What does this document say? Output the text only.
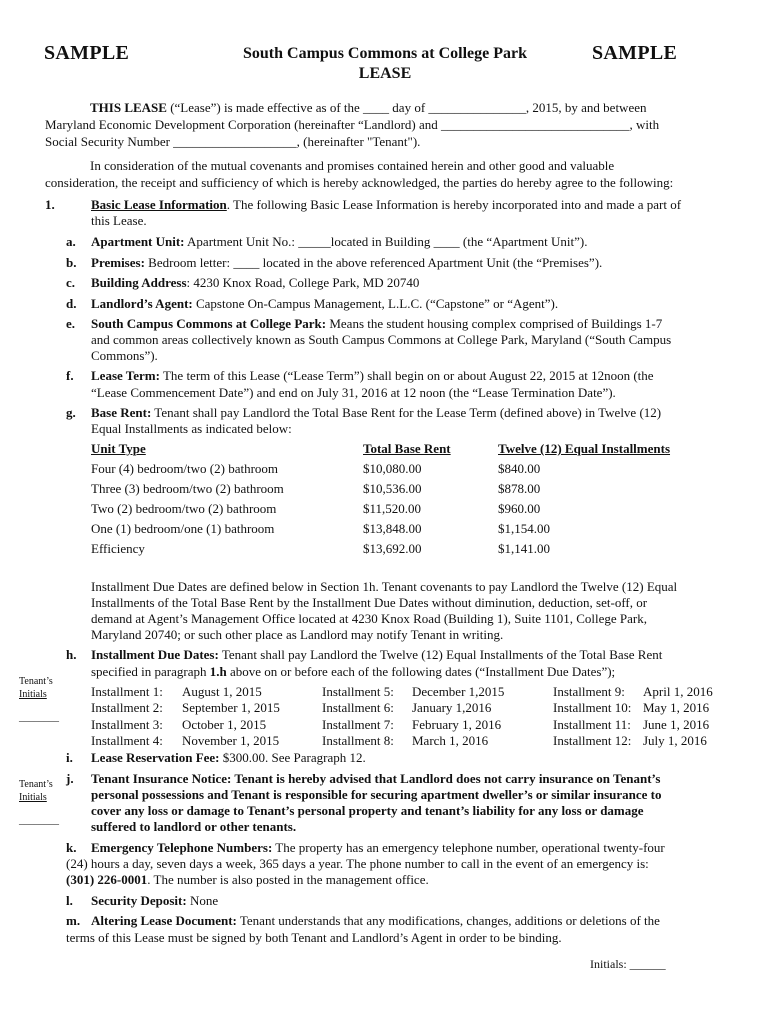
SAMPLE	SAMPLE
South Campus Commons at College Park
LEASE
THIS LEASE (“Lease”) is made effective as of the ____ day of _______________, 2015, by and between
Maryland Economic Development Corporation (hereinafter “Landlord) and _____________________________, with
Social Security Number ___________________, (hereinafter "Tenant").
In consideration of the mutual covenants and promises contained herein and other good and valuable
consideration, the receipt and sufficiency of which is hereby acknowledged, the parties do hereby agree to the following:
1.	Basic Lease Information. The following Basic Lease Information is hereby incorporated into and made a part of
this Lease.
a. Apartment Unit: Apartment Unit No.: _____located in Building ____ (the “Apartment Unit”).
b. Premises: Bedroom letter: ____ located in the above referenced Apartment Unit (the “Premises”).
c. Building Address: 4230 Knox Road, College Park, MD 20740
d. Landlord’s Agent: Capstone On-Campus Management, L.L.C. (“Capstone” or “Agent”).
e. South Campus Commons at College Park: Means the student housing complex comprised of Buildings 1-7
and common areas collectively known as South Campus Commons at College Park, Maryland (“South Campus
Commons”).
f. Lease Term: The term of this Lease (“Lease Term”) shall begin on or about August 22, 2015 at 12noon (the
“Lease Commencement Date”) and end on July 31, 2016 at 12 noon (the “Lease Termination Date”).
g. Base Rent: Tenant shall pay Landlord the Total Base Rent for the Lease Term (defined above) in Twelve (12)
Equal Installments as indicated below:
Unit Type	Total Base Rent	Twelve (12) Equal Installments
Four (4) bedroom/two (2) bathroom	$10,080.00	$840.00
Three (3) bedroom/two (2) bathroom	$10,536.00	$878.00
Two (2) bedroom/two (2) bathroom	$11,520.00	$960.00
One (1) bedroom/one (1) bathroom	$13,848.00	$1,154.00
Efficiency	$13,692.00	$1,141.00
Installment Due Dates are defined below in Section 1h. Tenant covenants to pay Landlord the Twelve (12) Equal
Installments of the Total Base Rent by the Installment Due Dates without diminution, deduction, set-off, or
demand at Agent’s Management Office located at 4230 Knox Road (Building 1), Suite 1101, College Park,
Maryland 20740; or such other place as Landlord may notify Tenant in writing.
h. Installment Due Dates: Tenant shall pay Landlord the Twelve (12) Equal Installments of the Total Base Rent
specified in paragraph 1.h above on or before each of the following dates (“Installment Due Dates”);
Installment 1: August 1, 2015	Installment 5: December 1,2015	Installment 9: April 1, 2016
Installment 2: September 1, 2015	Installment 6: January 1,2016	Installment 10: May 1, 2016
Installment 3: October 1, 2015	Installment 7: February 1, 2016	Installment 11: June 1, 2016
Installment 4: November 1, 2015	Installment 8: March 1, 2016	Installment 12: July 1, 2016
i. Lease Reservation Fee: $300.00. See Paragraph 12.
j. Tenant Insurance Notice: Tenant is hereby advised that Landlord does not carry insurance on Tenant’s
personal possessions and Tenant is responsible for securing apartment dweller’s or similar insurance to
cover any loss or damage to Tenant’s personal property and tenant’s liability for any loss or damage
suffered to landlord or other tenants.
k. Emergency Telephone Numbers: The property has an emergency telephone number, operational twenty-four
(24) hours a day, seven days a week, 365 days a year. The phone number to call in the event of an emergency is:
(301) 226-0001. The number is also posted in the management office.
l. Security Deposit: None
m. Altering Lease Document: Tenant understands that any modifications, changes, additions or deletions of the
terms of this Lease must be signed by both Tenant and Landlord’s Agent in order to be binding.
Tenant’s
Initials
________
Tenant’s
Initials
________
Initials: ______
